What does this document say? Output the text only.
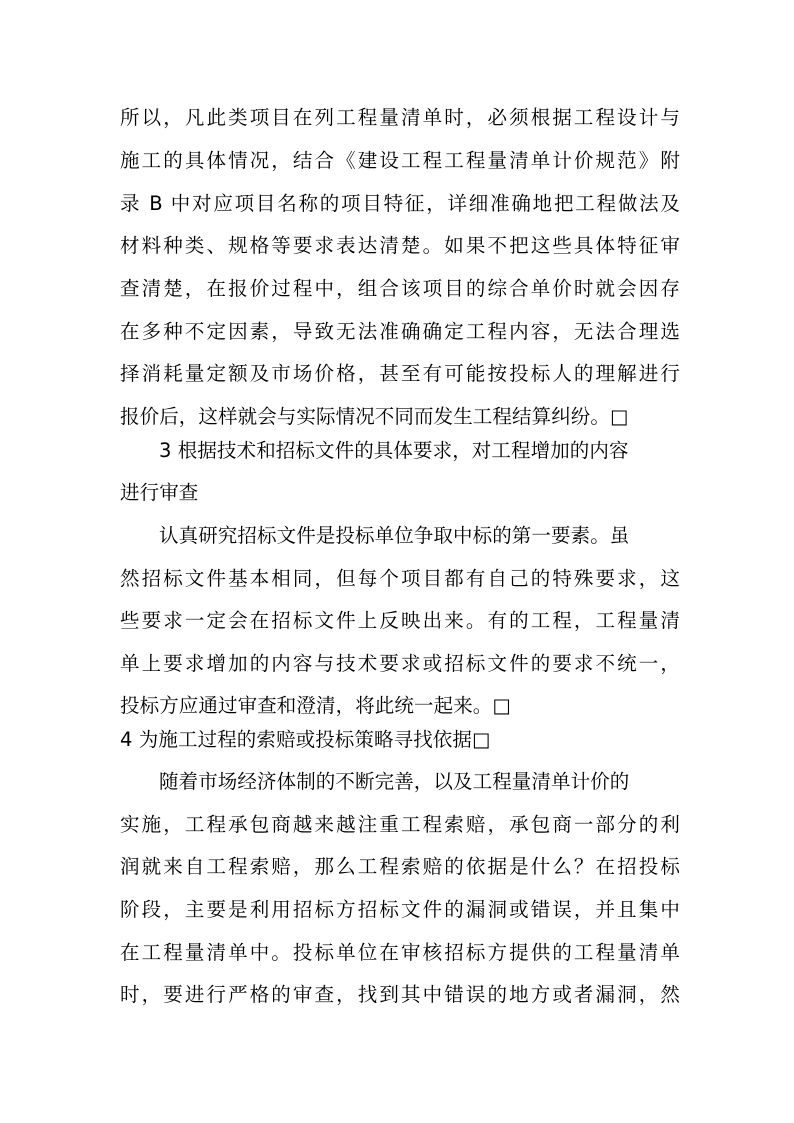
所以，凡此类项目在列工程量清单时，必须根据工程设计与
施工的具体情况，结合《建设工程工程量清单计价规范》附
录 B 中对应项目名称的项目特征，详细准确地把工程做法及
材料种类、规格等要求表达清楚。如果不把这些具体特征审
查清楚，在报价过程中，组合该项目的综合单价时就会因存
在多种不定因素，导致无法准确确定工程内容，无法合理选
择消耗量定额及市场价格，甚至有可能按投标人的理解进行
报价后，这样就会与实际情况不同而发生工程结算纠纷。□
3 根据技术和招标文件的具体要求，对工程增加的内容
进行审查
认真研究招标文件是投标单位争取中标的第一要素。虽
然招标文件基本相同，但每个项目都有自己的特殊要求，这
些要求一定会在招标文件上反映出来。有的工程，工程量清
单上要求增加的内容与技术要求或招标文件的要求不统一，
投标方应通过审查和澄清，将此统一起来。□
4 为施工过程的索赔或投标策略寻找依据□
随着市场经济体制的不断完善，以及工程量清单计价的
实施，工程承包商越来越注重工程索赔，承包商一部分的利
润就来自工程索赔，那么工程索赔的依据是什么？在招投标
阶段，主要是利用招标方招标文件的漏洞或错误，并且集中
在工程量清单中。投标单位在审核招标方提供的工程量清单
时，要进行严格的审查，找到其中错误的地方或者漏洞，然
